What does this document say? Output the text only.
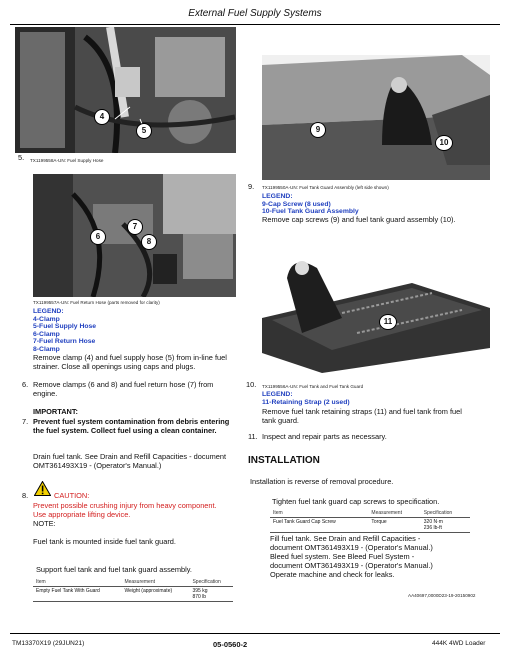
External Fuel Supply Systems
4
5
TX1199558A-UN: Fuel Supply Hose
5.
6
7
8
TX1199557A-UN: Fuel Return Hose (parts removed for clarity)
LEGEND:
4-Clamp
5-Fuel Supply Hose
6-Clamp
7-Fuel Return Hose
8-Clamp
Remove clamp (4) and fuel supply hose (5) from in-line fuel
strainer. Close all openings using caps and plugs.
6. Remove clamps (6 and 8) and fuel return hose (7) from
engine.
IMPORTANT:
7. Prevent fuel system contamination from debris entering
the fuel system. Collect fuel using a clean container.
Drain fuel tank. See Drain and Refill Capacities - document
OMT361493X19 - (Operator's Manual.)
8.	CAUTION:
Prevent possible crushing injury from heavy component.
Use appropriate lifting device.
NOTE:
Fuel tank is mounted inside fuel tank guard.
Support fuel tank and fuel tank guard assembly.
Item	Measurement	Specification
Empty Fuel Tank With Guard	Weight (approximate)	395 kg
870 lb
9
10
9. TX1199550A-UN: Fuel Tank Guard Assembly (left side shown)
LEGEND:
9-Cap Screw (8 used)
10-Fuel Tank Guard Assembly
Remove cap screws (9) and fuel tank guard assembly (10).
11
10. TX1199556A-UN: Fuel Tank and Fuel Tank Guard
LEGEND:
11-Retaining Strap (2 used)
Remove fuel tank retaining straps (11) and fuel tank from fuel
tank guard.
11. Inspect and repair parts as necessary.
INSTALLATION
Installation is reverse of removal procedure.
Tighten fuel tank guard cap screws to specification.
Item	Measurement	Specification
Fuel Tank Guard Cap Screw	Torque	320 N·m
236 lb-ft
Fill fuel tank. See Drain and Refill Capacities -
document OMT361493X19 - (Operator's Manual.)
Bleed fuel system. See Bleed Fuel System -
document OMT361493X19 - (Operator's Manual.)
Operate machine and check for leaks.
AA40697,0000D23-19-20150902
TM13370X19 (29JUN21)	05-0560-2	444K 4WD Loader
